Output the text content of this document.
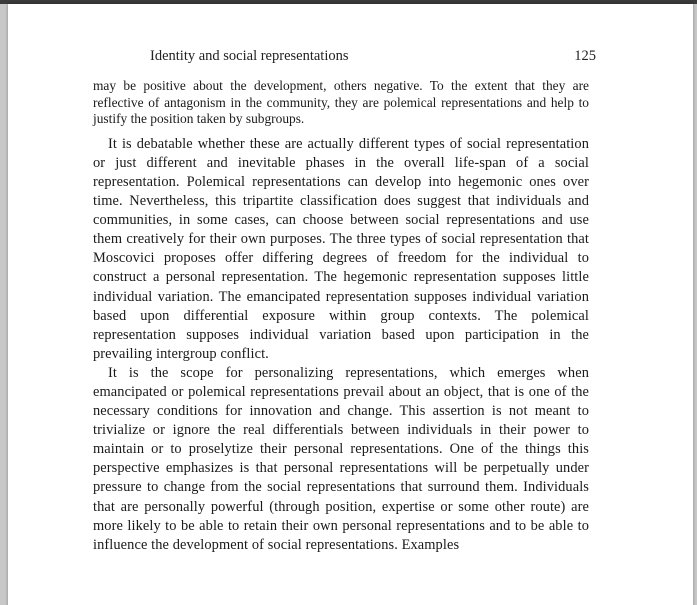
Identity and social representations	125

may be positive about the development, others negative. To the extent that they are reflective of antagonism in the community, they are polemical representations and help to justify the position taken by subgroups.

It is debatable whether these are actually different types of social representation or just different and inevitable phases in the overall life-span of a social representation. Polemical representations can develop into hegemonic ones over time. Nevertheless, this tripartite classification does suggest that individuals and communities, in some cases, can choose between social representations and use them creatively for their own purposes. The three types of social representation that Moscovici proposes offer differing degrees of freedom for the individual to construct a personal representation. The hegemonic representation supposes little individual variation. The emancipated representation supposes individual variation based upon differential exposure within group contexts. The polemical representation supposes individual variation based upon participation in the prevailing intergroup conflict.

It is the scope for personalizing representations, which emerges when emancipated or polemical representations prevail about an object, that is one of the necessary conditions for innovation and change. This assertion is not meant to trivialize or ignore the real differentials between individuals in their power to maintain or to proselytize their personal representations. One of the things this perspective emphasizes is that personal representations will be perpetually under pressure to change from the social representations that surround them. Individuals that are personally powerful (through position, expertise or some other route) are more likely to be able to retain their own personal representations and to be able to influence the development of social representations. Examples
